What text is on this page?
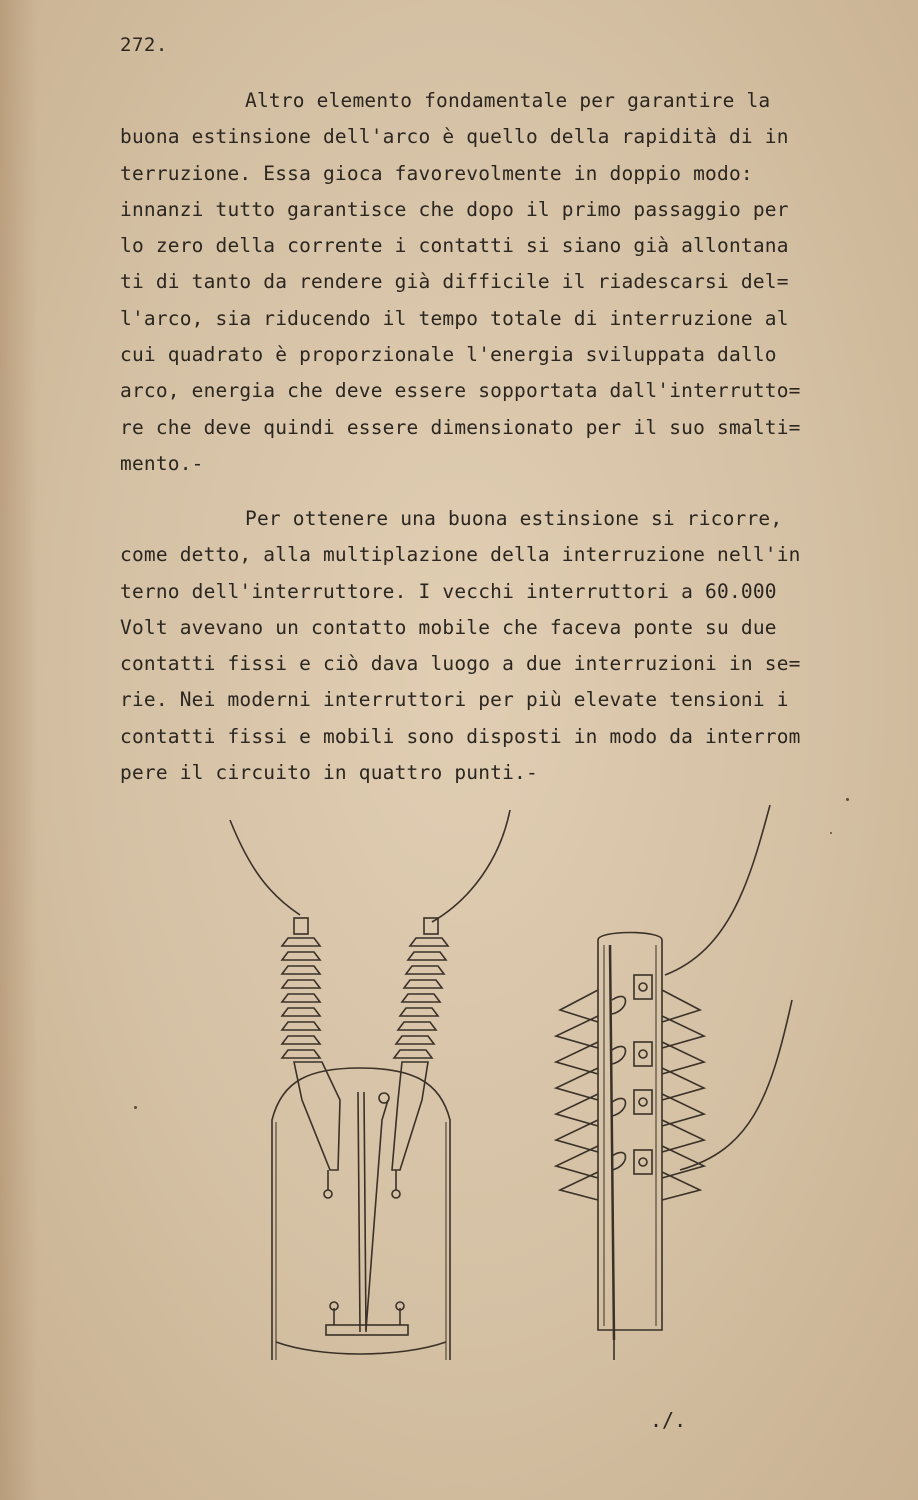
272.
Altro elemento fondamentale per garantire la
buona estinsione dell'arco è quello della rapidità di in
terruzione. Essa gioca favorevolmente in doppio modo:
innanzi tutto garantisce che dopo il primo passaggio per
lo zero della corrente i contatti si siano già allontana
ti di tanto da rendere già difficile il riadescarsi del=
l'arco, sia riducendo il tempo totale di interruzione al
cui quadrato è proporzionale l'energia sviluppata dallo
arco, energia che deve essere sopportata dall'interrutto=
re che deve quindi essere dimensionato per il suo smalti=
mento.-
Per ottenere una buona estinsione si ricorre,
come detto, alla multiplazione della interruzione nell'in
terno dell'interruttore. I vecchi interruttori a 60.000
Volt avevano un contatto mobile che faceva ponte su due
contatti fissi e ciò dava luogo a due interruzioni in se=
rie. Nei moderni interruttori per più elevate tensioni i
contatti fissi e mobili sono disposti in modo da interrom
pere il circuito in quattro punti.-
./.
